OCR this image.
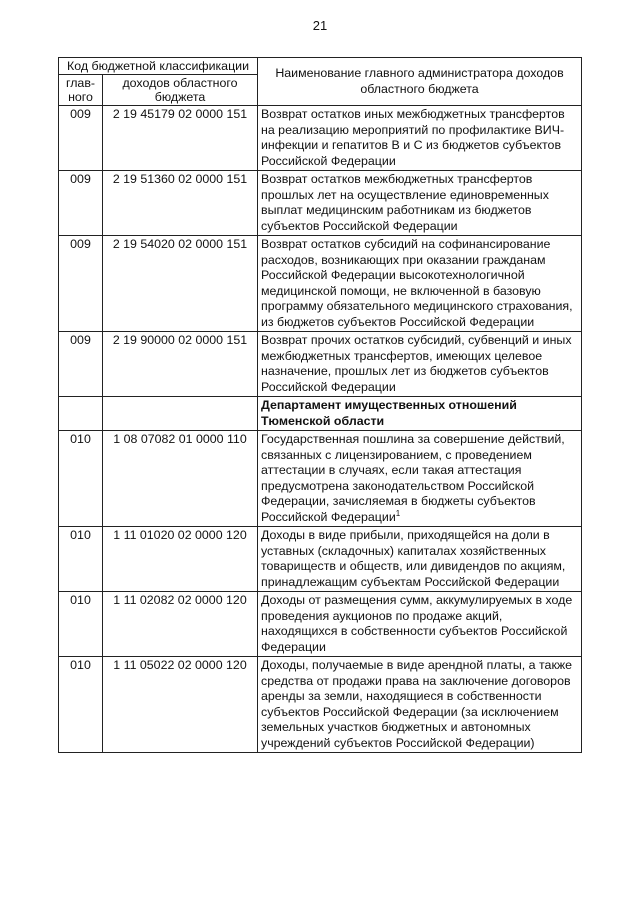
21
Код бюджетной классификации		Наименование главного администратора доходов областного бюджета
глав-ного	доходов областного бюджета	
009	2 19 45179 02 0000 151	Возврат остатков иных межбюджетных трансфертов на реализацию мероприятий по профилактике ВИЧ-инфекции и гепатитов В и С из бюджетов субъектов Российской Федерации
009	2 19 51360 02 0000 151	Возврат остатков межбюджетных трансфертов прошлых лет на осуществление единовременных выплат медицинским работникам из бюджетов субъектов Российской Федерации
009	2 19 54020 02 0000 151	Возврат остатков субсидий на софинансирование расходов, возникающих при оказании гражданам Российской Федерации высокотехнологичной медицинской помощи, не включенной в базовую программу обязательного медицинского страхования, из бюджетов субъектов Российской Федерации
009	2 19 90000 02 0000 151	Возврат прочих остатков субсидий, субвенций и иных межбюджетных трансфертов, имеющих целевое назначение, прошлых лет из бюджетов субъектов Российской Федерации
		Департамент имущественных отношений Тюменской области
010	1 08 07082 01 0000 110	Государственная пошлина за совершение действий, связанных с лицензированием, с проведением аттестации в случаях, если такая аттестация предусмотрена законодательством Российской Федерации, зачисляемая в бюджеты субъектов Российской Федерации$^1$
010	1 11 01020 02 0000 120	Доходы в виде прибыли, приходящейся на доли в уставных (складочных) капиталах хозяйственных товариществ и обществ, или дивидендов по акциям, принадлежащим субъектам Российской Федерации
010	1 11 02082 02 0000 120	Доходы от размещения сумм, аккумулируемых в ходе проведения аукционов по продаже акций, находящихся в собственности субъектов Российской Федерации
010	1 11 05022 02 0000 120	Доходы, получаемые в виде арендной платы, а также средства от продажи права на заключение договоров аренды за земли, находящиеся в собственности субъектов Российской Федерации (за исключением земельных участков бюджетных и автономных учреждений субъектов Российской Федерации)
